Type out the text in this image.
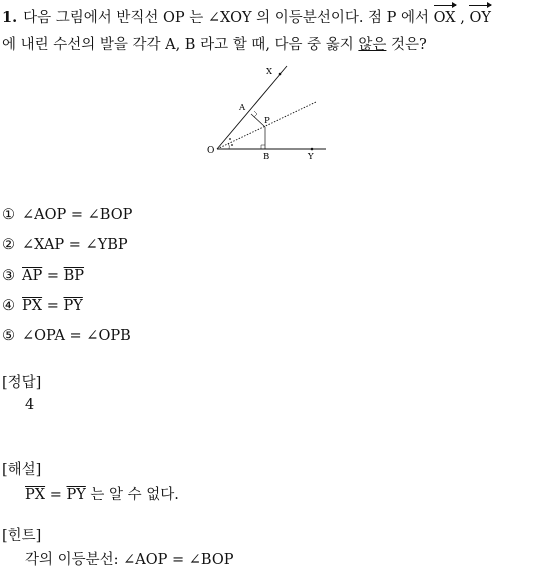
1. 다음 그림에서 반직선 OP 는 ∠XOY 의 이등분선이다. 점 P 에서
OX ,
OY
에 내린 수선의 발을 각각 A, B 라고 할 때, 다음 중 옳지 않은 것은?
X
A
P
O
B	Y
① ∠AOP = ∠BOP
② ∠XAP = ∠YBP
③ $\overline{AP} = \overline{BP}$
④ $\overline{PX} = \overline{PY}$
⑤ ∠OPA = ∠OPB
[정답]
4
[해설]
$\overline{PX} = \overline{PY}$ 는 알 수 없다.
[힌트]
각의 이등분선: ∠AOP = ∠BOP
